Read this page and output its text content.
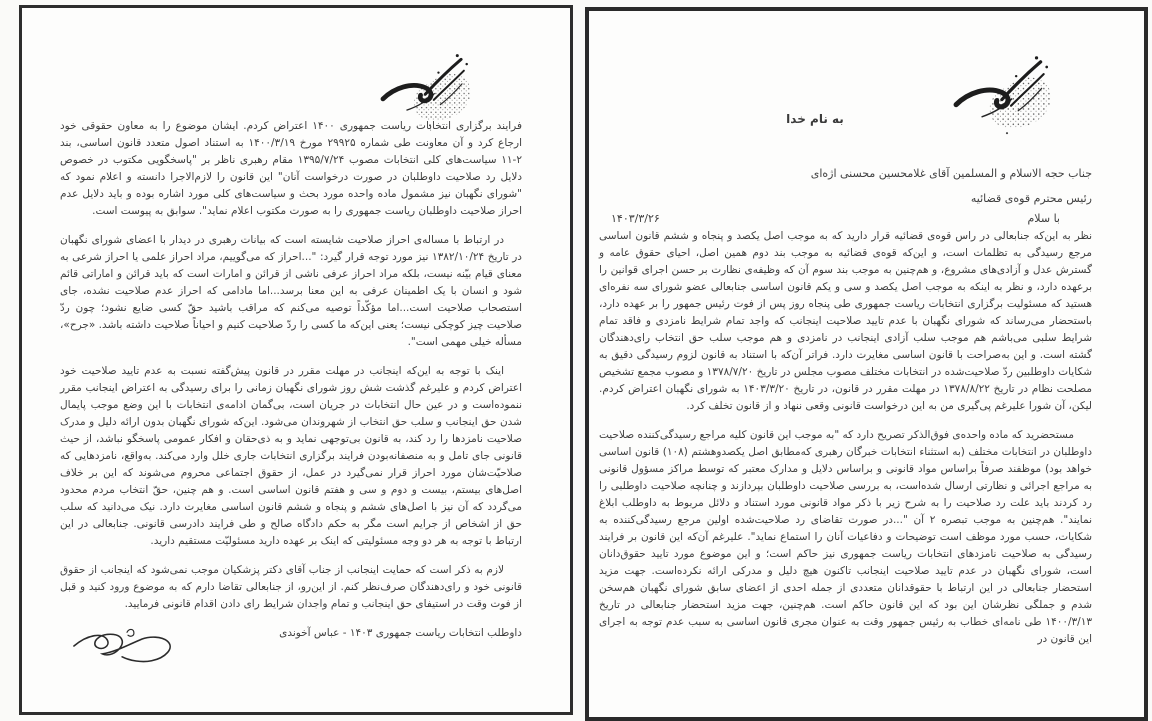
فرایند برگزاری انتخابات ریاست جمهوری ۱۴۰۰ اعتراض کردم. ایشان موضوع را به معاون حقوقی خود ارجاع کرد و آن معاونت طی شماره ۲۹۹۲۵ مورخ ۱۴۰۰/۳/۱۹ به استناد اصول متعدد قانون اساسی، بند ۲-۱۱ سیاست‌های کلی انتخابات مصوب ۱۳۹۵/۷/۲۴ مقام رهبری ناظر بر "پاسخگویی مکتوب در خصوص دلایل رد صلاحیت داوطلبان در صورت درخواست آنان" این قانون را لازم‌الاجرا دانسته و اعلام نمود که "شورای نگهبان نیز مشمول ماده واحده مورد بحث و سیاست‌های کلی مورد اشاره بوده و باید دلایل عدم احراز صلاحیت داوطلبان ریاست جمهوری را به صورت مکتوب اعلام نماید". سوابق به پیوست است.

در ارتباط با مساله‌ی احراز صلاحیت شایسته است که بیانات رهبری در دیدار با اعضای شورای نگهبان در تاریخ ۱۳۸۲/۱۰/۲۴ نیز مورد توجه قرار گیرد: "...احراز که می‌گوییم، مراد احراز علمی یا احراز شرعی به معنای قیام بیّنه نیست، بلکه مراد احراز عرفی ناشی از قرائن و امارات است که باید قرائن و اماراتی قائم شود و انسان با یک اطمینان عرفی به این معنا برسد...اما مادامی که احراز عدم صلاحیت نشده، جای استصحاب صلاحیت است...اما مؤکّداً توصیه می‌کنم که مراقب باشید حقّ کسی ضایع نشود؛ چون ردّ صلاحیت چیز کوچکی نیست؛ یعنی این‌که ما کسی را ردّ صلاحیت کنیم و احیاناً صلاحیت داشته باشد. «جرح»، مسأله خیلی مهمی است".

اینک با توجه به این‌که اینجانب در مهلت مقرر در قانون پیش‌گفته نسبت به عدم تایید صلاحیت خود اعتراض کردم و علیرغم گذشت شش روز شورای نگهبان زمانی را برای رسیدگی به اعتراض اینجانب مقرر ننموده‌است و در عین حال انتخابات در جریان است، بی‌گمان ادامه‌ی انتخابات با این وضع موجب پایمال شدن حق اینجانب و سلب حق انتخاب از شهروندان می‌شود. این‌که شورای نگهبان بدون ارائه دلیل و مدرک صلاحیت نامزدها را رد کند، به قانون بی‌توجهی نماید و به ذی‌حقان و افکار عمومی پاسخگو نباشد، از حیث قانونی جای تامل و به منصفانه‌بودن فرایند برگزاری انتخابات جاری خلل وارد می‌کند. به‌واقع، نامزدهایی که صلاحیّت‌شان مورد احراز قرار نمی‌گیرد در عمل، از حقوق اجتماعی محروم می‌شوند که این بر خلاف اصل‌های بیستم، بیست و دوم و سی و هفتم قانون اساسی است. و هم چنین، حقّ انتخاب مردم محدود می‌گردد که آن نیز با اصل‌های ششم و پنجاه و ششم قانون اساسی مغایرت دارد. نیک می‌دانید که سلب حق از اشخاص از جرایم است مگر به حکم دادگاه صالح و طی فرایند دادرسی قانونی. جنابعالی در این ارتباط با توجه به هر دو وجه مسئولیتی که اینک بر عهده دارید مسئولیّت مستقیم دارید.

لازم به ذکر است که حمایت اینجانب از جناب آقای دکتر پزشکیان موجب نمی‌شود که اینجانب از حقوق قانونی خود و رای‌دهندگان صرف‌نظر کنم. از این‌رو، از جنابعالی تقاضا دارم که به موضوع ورود کنید و قبل از فوت وقت در استیفای حق اینجانب و تمام واجدان شرایط رای دادن اقدام قانونی فرمایید.

داوطلب انتخابات ریاست جمهوری ۱۴۰۳ - عباس آخوندی

به نام خدا
جناب حجه الاسلام و المسلمین آقای غلامحسین محسنی اژه‌ای
رئیس محترم قوه‌ی قضائیه
با سلام
۱۴۰۳/۳/۲۶

نظر به این‌که جنابعالی در راس قوه‌ی قضائیه قرار دارید که به موجب اصل یکصد و پنجاه و ششم قانون اساسی مرجع رسیدگی به تظلمات است، و این‌که قوه‌ی قضائیه به موجب بند دوم همین اصل، احیای حقوق عامه و گسترش عدل و آزادی‌های مشروع، و هم‌چنین به موجب بند سوم آن که وظیفه‌ی نظارت بر حسن اجرای قوانین را برعهده دارد، و نظر به اینکه به موجب اصل یکصد و سی و یکم قانون اساسی جنابعالی عضو شورای سه نفره‌ای هستید که مسئولیت برگزاری انتخابات ریاست جمهوری طی پنجاه روز پس از فوت رئیس جمهور را بر عهده دارد، باستحضار می‌رساند که شورای نگهبان با عدم تایید صلاحیت اینجانب که واجد تمام شرایط نامزدی و فاقد تمام شرایط سلبی می‌باشم هم موجب سلب آزادی اینجانب در نامزدی و هم موجب سلب حق انتخاب رای‌دهندگان گشته است. و این به‌صراحت با قانون اساسی مغایرت دارد. فراتر آن‌که با استناد به قانون لزوم رسیدگی دقیق به شکایات داوطلبین ردّ صلاحیت‌شده در انتخابات مختلف مصوب مجلس در تاریخ ۱۳۷۸/۷/۲۰ و مصوب مجمع تشخیص مصلحت نظام در تاریخ ۱۳۷۸/۸/۲۲ در مهلت مقرر در قانون، در تاریخ ۱۴۰۳/۳/۲۰ به شورای نگهبان اعتراض کردم. لیکن، آن شورا علیرغم پی‌گیری من به این درخواست قانونی وقعی ننهاد و از قانون تخلف کرد.

مستحضرید که ماده واحده‌ی فوق‌الذکر تصریح دارد که "به موجب این قانون کلیه مراجع رسیدگی‌کننده صلاحیت داوطلبان در انتخابات مختلف (به استثناء انتخابات خبرگان رهبری که‌مطابق اصل یکصدوهشتم (۱۰۸) قانون اساسی خواهد بود) موظفند صرفاً براساس مواد قانونی و براساس دلایل و مدارک معتبر که توسط مراکز مسؤول قانونی به مراجع اجرائی و نظارتی ارسال شده‌است، به بررسی صلاحیت داوطلبان بپردازند و چنانچه صلاحیت داوطلبی را رد کردند باید علت رد صلاحیت را به شرح زیر با ذکر مواد قانونی مورد استناد و دلائل مربوط به داوطلب ابلاغ نمایند". هم‌چنین به موجب تبصره ۲ آن "...در صورت تقاضای رد صلاحیت‌شده اولین مرجع رسیدگی‌کننده به شکایات، حسب مورد موظف است توضیحات و دفاعیات آنان را استماع نماید". علیرغم آن‌که این قانون بر فرایند رسیدگی به صلاحیت نامزدهای انتخابات ریاست جمهوری نیز حاکم است؛ و این موضوع مورد تایید حقوق‌دانان است، شورای نگهبان در عدم تایید صلاحیت اینجانب تاکنون هیچ دلیل و مدرکی ارائه نکرده‌است. جهت مزید استحضار جنابعالی در این ارتباط با حقوقدانان متعددی از جمله احدی از اعضای سابق شورای نگهبان هم‌سخن شدم و جملگی نظرشان این بود که این قانون حاکم است. هم‌چنین، جهت مزید استحضار جنابعالی در تاریخ ۱۴۰۰/۳/۱۳ طی نامه‌ای خطاب به رئیس جمهور وقت به عنوان مجری قانون اساسی به سبب عدم توجه به اجرای این قانون در
